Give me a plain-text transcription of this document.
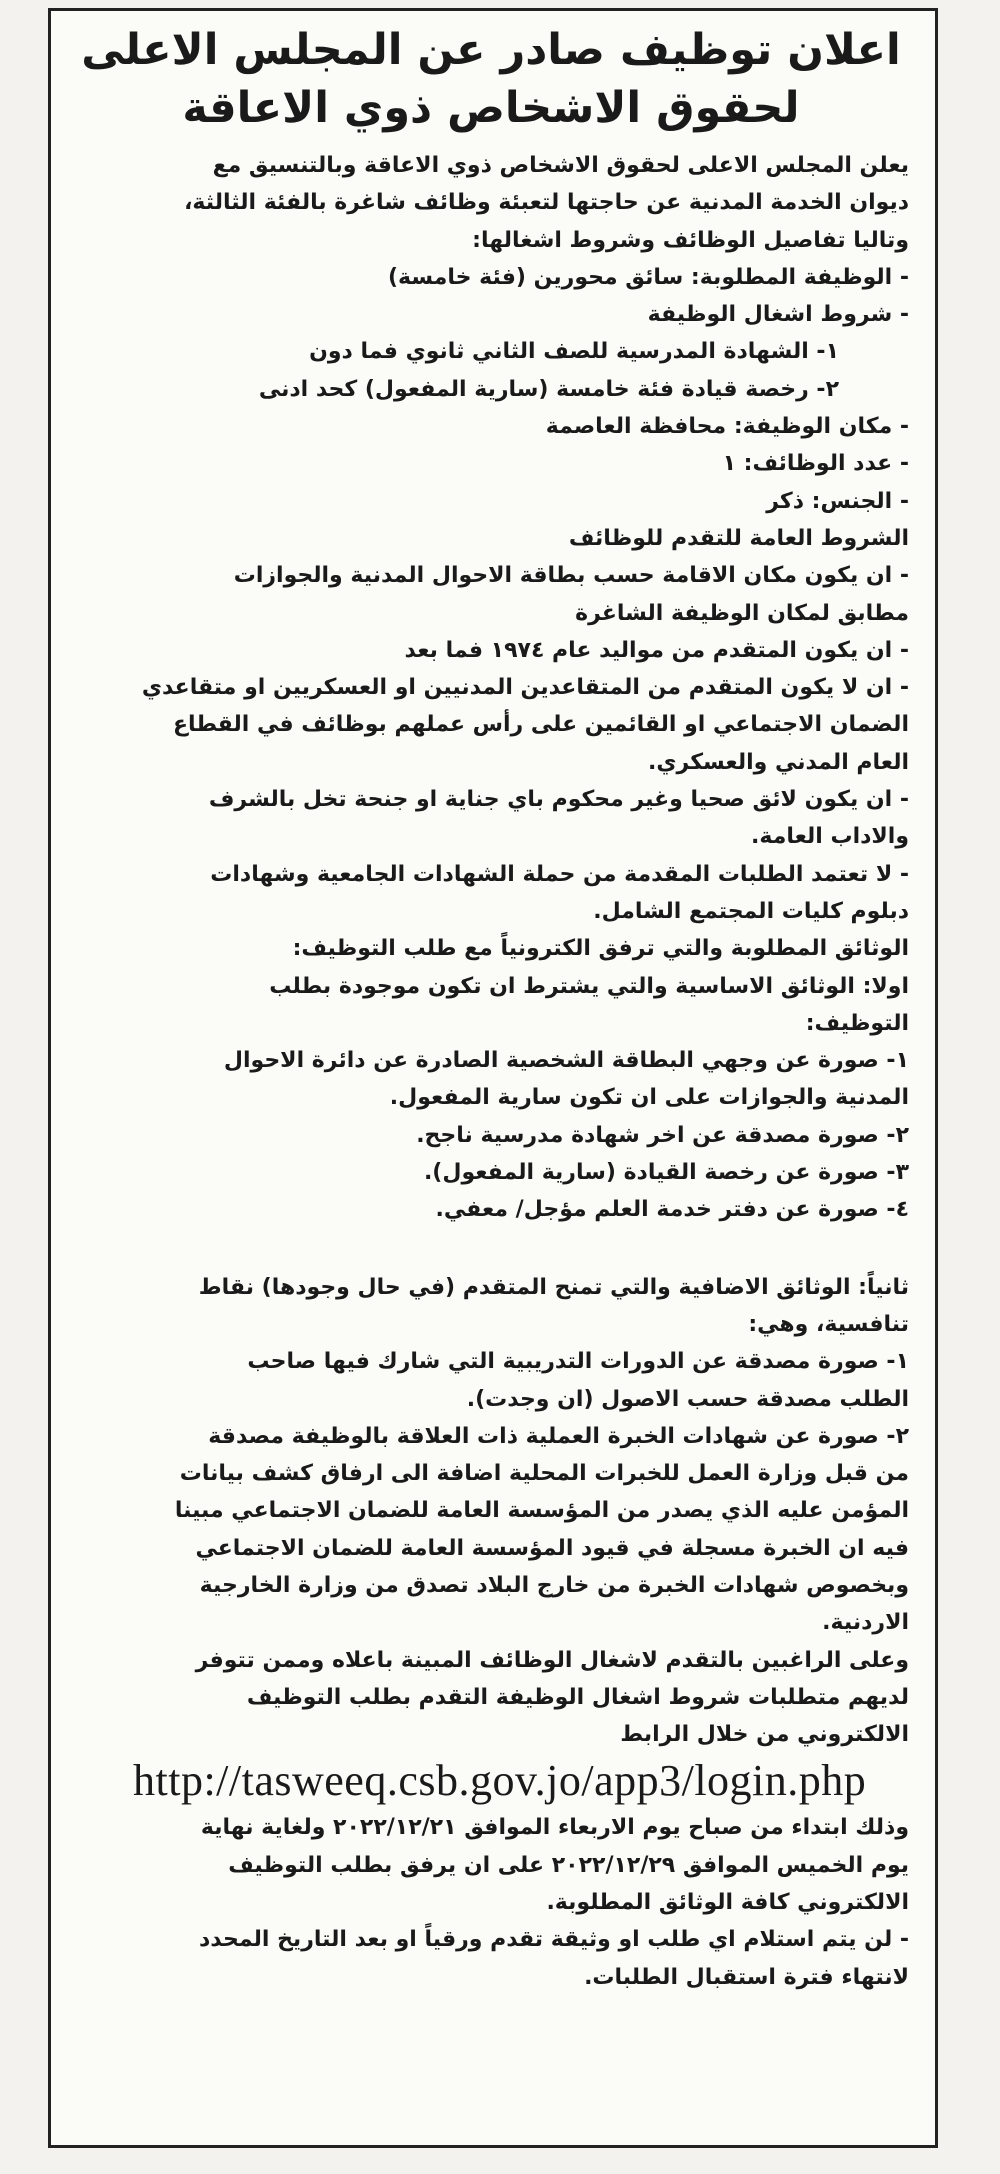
اعلان توظيف صادر عن المجلس الاعلى
لحقوق الاشخاص ذوي الاعاقة
يعلن المجلس الاعلى لحقوق الاشخاص ذوي الاعاقة وبالتنسيق مع
ديوان الخدمة المدنية عن حاجتها لتعبئة وظائف شاغرة بالفئة الثالثة،
وتاليا تفاصيل الوظائف وشروط اشغالها:
- الوظيفة المطلوبة: سائق محورين (فئة خامسة)
- شروط اشغال الوظيفة
١- الشهادة المدرسية للصف الثاني ثانوي فما دون
٢- رخصة قيادة فئة خامسة (سارية المفعول) كحد ادنى
- مكان الوظيفة: محافظة العاصمة
- عدد الوظائف: ١
- الجنس: ذكر
الشروط العامة للتقدم للوظائف
- ان يكون مكان الاقامة حسب بطاقة الاحوال المدنية والجوازات
مطابق لمكان الوظيفة الشاغرة
- ان يكون المتقدم من مواليد عام ١٩٧٤ فما بعد
- ان لا يكون المتقدم من المتقاعدين المدنيين او العسكريين او متقاعدي
الضمان الاجتماعي او القائمين على رأس عملهم بوظائف في القطاع
العام المدني والعسكري.
- ان يكون لائق صحيا وغير محكوم باي جناية او جنحة تخل بالشرف
والاداب العامة.
- لا تعتمد الطلبات المقدمة من حملة الشهادات الجامعية وشهادات
دبلوم كليات المجتمع الشامل.
الوثائق المطلوبة والتي ترفق الكترونياً مع طلب التوظيف:
اولا: الوثائق الاساسية والتي يشترط ان تكون موجودة بطلب
التوظيف:
١- صورة عن وجهي البطاقة الشخصية الصادرة عن دائرة الاحوال
المدنية والجوازات على ان تكون سارية المفعول.
٢- صورة مصدقة عن اخر شهادة مدرسية ناجح.
٣- صورة عن رخصة القيادة (سارية المفعول).
٤- صورة عن دفتر خدمة العلم مؤجل/ معفي.
ثانياً: الوثائق الاضافية والتي تمنح المتقدم (في حال وجودها) نقاط
تنافسية، وهي:
١- صورة مصدقة عن الدورات التدريبية التي شارك فيها صاحب
الطلب مصدقة حسب الاصول (ان وجدت).
٢- صورة عن شهادات الخبرة العملية ذات العلاقة بالوظيفة مصدقة
من قبل وزارة العمل للخبرات المحلية اضافة الى ارفاق كشف بيانات
المؤمن عليه الذي يصدر من المؤسسة العامة للضمان الاجتماعي مبينا
فيه ان الخبرة مسجلة في قيود المؤسسة العامة للضمان الاجتماعي
وبخصوص شهادات الخبرة من خارج البلاد تصدق من وزارة الخارجية
الاردنية.
وعلى الراغبين بالتقدم لاشغال الوظائف المبينة باعلاه وممن تتوفر
لديهم متطلبات شروط اشغال الوظيفة التقدم بطلب التوظيف
الالكتروني من خلال الرابط
http://tasweeq.csb.gov.jo/app3/login.php
وذلك ابتداء من صباح يوم الاربعاء الموافق ٢٠٢٢/١٢/٢١ ولغاية نهاية
يوم الخميس الموافق ٢٠٢٢/١٢/٢٩ على ان يرفق بطلب التوظيف
الالكتروني كافة الوثائق المطلوبة.
- لن يتم استلام اي طلب او وثيقة تقدم ورقياً او بعد التاريخ المحدد
لانتهاء فترة استقبال الطلبات.
